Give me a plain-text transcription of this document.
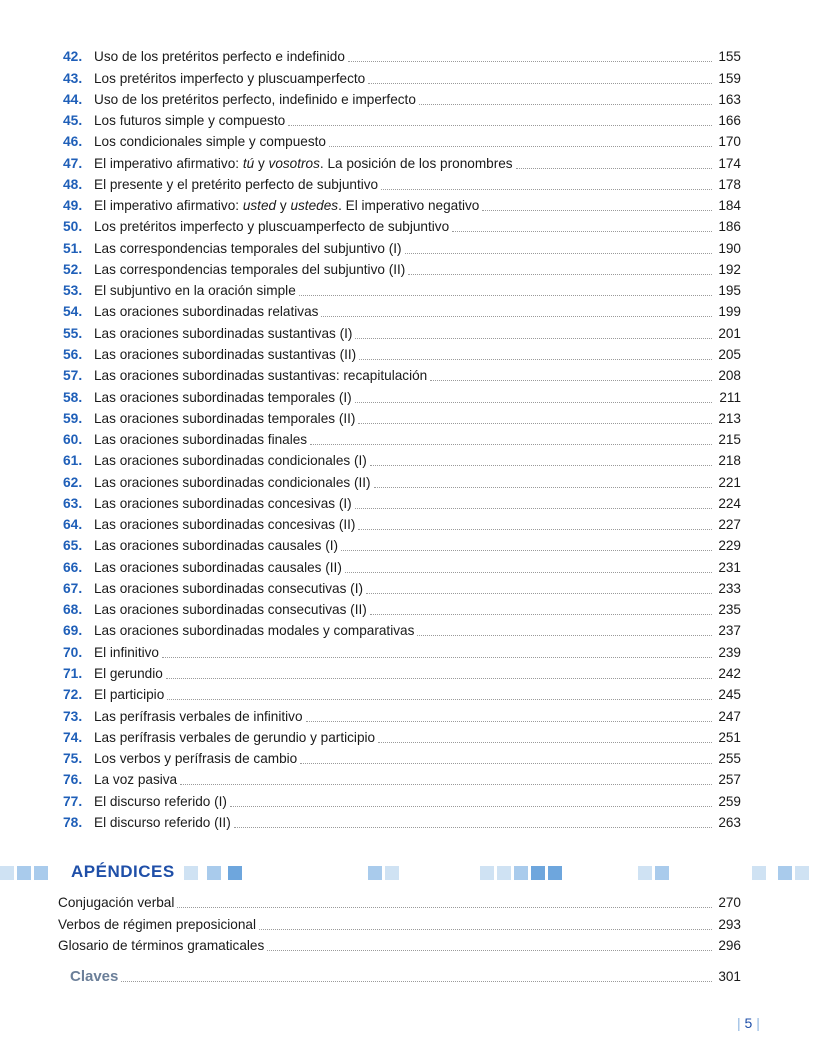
42. Uso de los pretéritos perfecto e indefinido	155
43. Los pretéritos imperfecto y pluscuamperfecto	159
44. Uso de los pretéritos perfecto, indefinido e imperfecto	163
45. Los futuros simple y compuesto	166
46. Los condicionales simple y compuesto	170
47. El imperativo afirmativo: tú y vosotros. La posición de los pronombres	174
48. El presente y el pretérito perfecto de subjuntivo	178
49. El imperativo afirmativo: usted y ustedes. El imperativo negativo	184
50. Los pretéritos imperfecto y pluscuamperfecto de subjuntivo	186
51. Las correspondencias temporales del subjuntivo (I)	190
52. Las correspondencias temporales del subjuntivo (II)	192
53. El subjuntivo en la oración simple	195
54. Las oraciones subordinadas relativas	199
55. Las oraciones subordinadas sustantivas (I)	201
56. Las oraciones subordinadas sustantivas (II)	205
57. Las oraciones subordinadas sustantivas: recapitulación	208
58. Las oraciones subordinadas temporales (I)	211
59. Las oraciones subordinadas temporales (II)	213
60. Las oraciones subordinadas finales	215
61. Las oraciones subordinadas condicionales (I)	218
62. Las oraciones subordinadas condicionales (II)	221
63. Las oraciones subordinadas concesivas (I)	224
64. Las oraciones subordinadas concesivas (II)	227
65. Las oraciones subordinadas causales (I)	229
66. Las oraciones subordinadas causales (II)	231
67. Las oraciones subordinadas consecutivas (I)	233
68. Las oraciones subordinadas consecutivas (II)	235
69. Las oraciones subordinadas modales y comparativas	237
70. El infinitivo	239
71. El gerundio	242
72. El participio	245
73. Las perífrasis verbales de infinitivo	247
74. Las perífrasis verbales de gerundio y participio	251
75. Los verbos y perífrasis de cambio	255
76. La voz pasiva	257
77. El discurso referido (I)	259
78. El discurso referido (II)	263
APÉNDICES
Conjugación verbal	270
Verbos de régimen preposicional	293
Glosario de términos gramaticales	296
Claves	301
| 5 |
